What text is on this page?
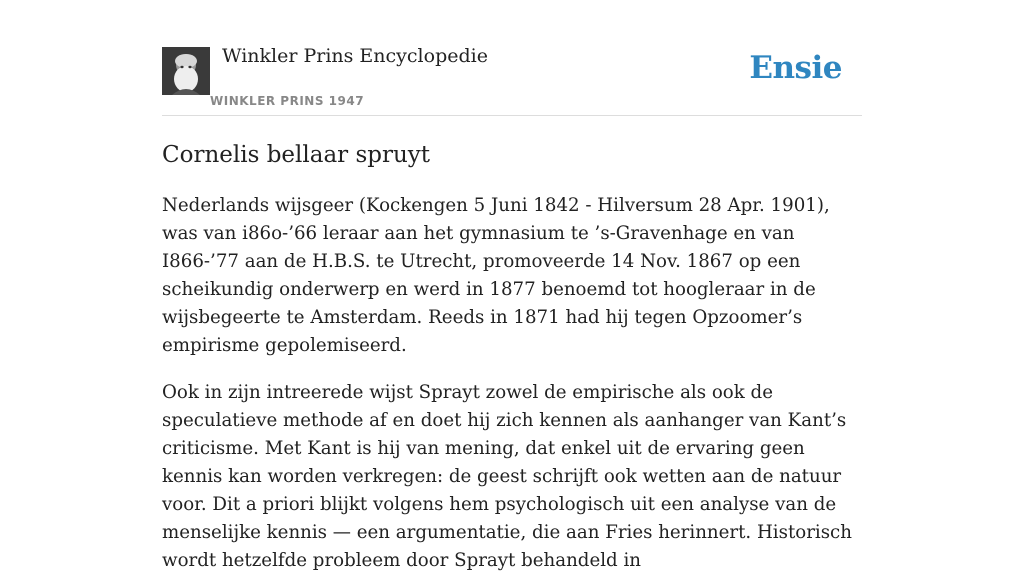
Winkler Prins Encyclopedie
WINKLER PRINS 1947
Ensie
Cornelis bellaar spruyt

Nederlands wijsgeer (Kockengen 5 Juni 1842 - Hilversum 28 Apr. 1901), was van i86o-’66 leraar aan het gymnasium te ’s-Gravenhage en van I866-’77 aan de H.B.S. te Utrecht, promoveerde 14 Nov. 1867 op een scheikundig onderwerp en werd in 1877 benoemd tot hoogleraar in de wijsbegeerte te Amsterdam. Reeds in 1871 had hij tegen Opzoomer’s empirisme gepolemiseerd.

Ook in zijn intreerede wijst Sprayt zowel de empirische als ook de speculatieve methode af en doet hij zich kennen als aanhanger van Kant’s criticisme. Met Kant is hij van mening, dat enkel uit de ervaring geen kennis kan worden verkregen: de geest schrijft ook wetten aan de natuur voor. Dit a priori blijkt volgens hem psychologisch uit een analyse van de menselijke kennis — een argumentatie, die aan Fries herinnert. Historisch wordt hetzelfde probleem door Sprayt behandeld in
